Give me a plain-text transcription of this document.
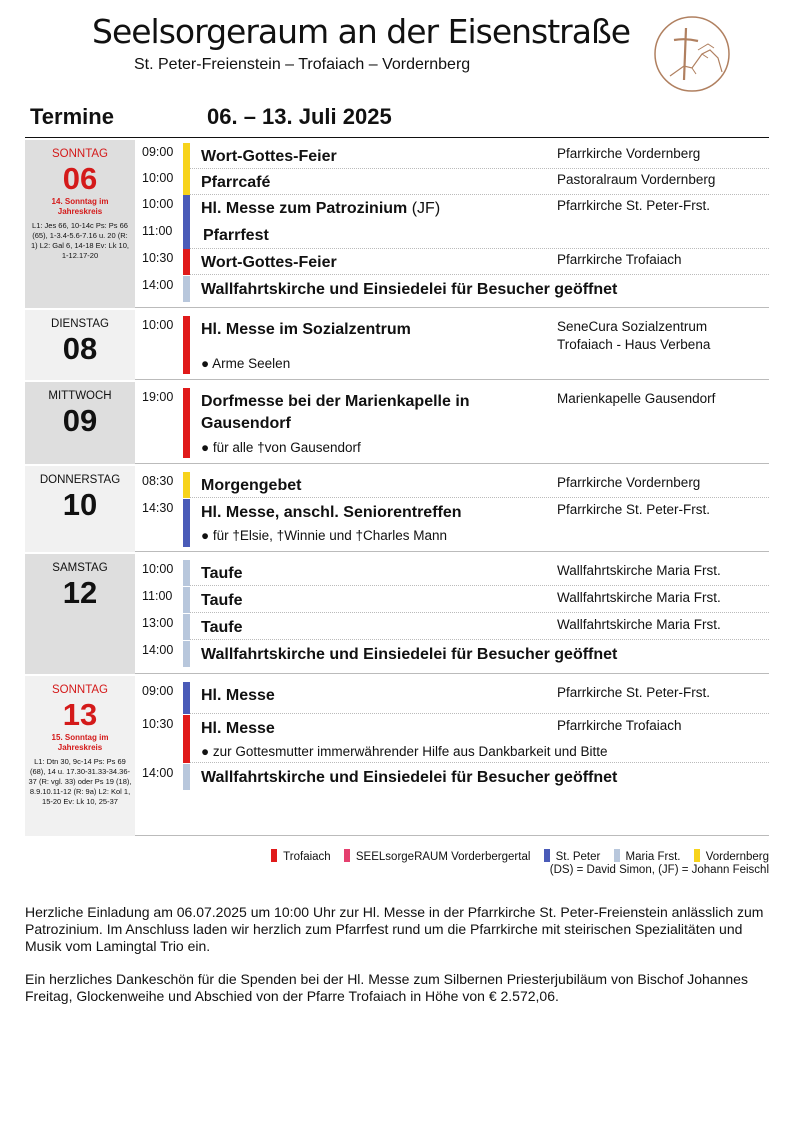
Seelsorgeraum an der Eisenstraße
St. Peter-Freienstein – Trofaiach – Vordernberg
Termine	06. – 13. Juli 2025
SONNTAG
06
14. Sonntag im Jahreskreis
L1: Jes 66, 10-14c Ps: Ps 66 (65), 1-3.4-5.6-7.16 u. 20 (R: 1) L2: Gal 6, 14-18 Ev: Lk 10, 1-12.17-20
09:00 Wort-Gottes-Feier	Pfarrkirche Vordernberg
10:00 Pfarrcafé	Pastoralraum Vordernberg
10:00 Hl. Messe zum Patrozinium (JF)	Pfarrkirche St. Peter-Frst.
11:00 Pfarrfest
10:30 Wort-Gottes-Feier	Pfarrkirche Trofaiach
14:00 Wallfahrtskirche und Einsiedelei für Besucher geöffnet
DIENSTAG
08
10:00 Hl. Messe im Sozialzentrum	SeneCura Sozialzentrum
Trofaiach - Haus Verbena
● Arme Seelen
MITTWOCH
09
19:00 Dorfmesse bei der Marienkapelle in Gausendorf
Marienkapelle Gausendorf
● für alle †von Gausendorf
DONNERSTAG
10
08:30 Morgengebet	Pfarrkirche Vordernberg
14:30 Hl. Messe, anschl. Seniorentreffen	Pfarrkirche St. Peter-Frst.
● für †Elsie, †Winnie und †Charles Mann
SAMSTAG
12
10:00 Taufe	Wallfahrtskirche Maria Frst.
11:00 Taufe	Wallfahrtskirche Maria Frst.
13:00 Taufe	Wallfahrtskirche Maria Frst.
14:00 Wallfahrtskirche und Einsiedelei für Besucher geöffnet
SONNTAG
13
15. Sonntag im Jahreskreis
L1: Dtn 30, 9c-14 Ps: Ps 69 (68), 14 u. 17.30-31.33-34.36-37 (R: vgl. 33) oder Ps 19 (18), 8.9.10.11-12 (R: 9a) L2: Kol 1, 15-20 Ev: Lk 10, 25-37
09:00 Hl. Messe	Pfarrkirche St. Peter-Frst.
10:30 Hl. Messe	Pfarrkirche Trofaiach
● zur Gottesmutter immerwährender Hilfe aus Dankbarkeit und Bitte
14:00 Wallfahrtskirche und Einsiedelei für Besucher geöffnet
Trofaiach SEELsorgeRAUM Vorderbergertal St. Peter Maria Frst. Vordernberg
(DS) = David Simon, (JF) = Johann Feischl
Herzliche Einladung am 06.07.2025 um 10:00 Uhr zur Hl. Messe in der Pfarrkirche St. Peter-Freienstein anlässlich zum Patrozinium. Im Anschluss laden wir herzlich zum Pfarrfest rund um die Pfarrkirche mit steirischen Spezialitäten und Musik vom Lamingtal Trio ein.
Ein herzliches Dankeschön für die Spenden bei der Hl. Messe zum Silbernen Priesterjubiläum von Bischof Johannes Freitag, Glockenweihe und Abschied von der Pfarre Trofaiach in Höhe von € 2.572,06.
